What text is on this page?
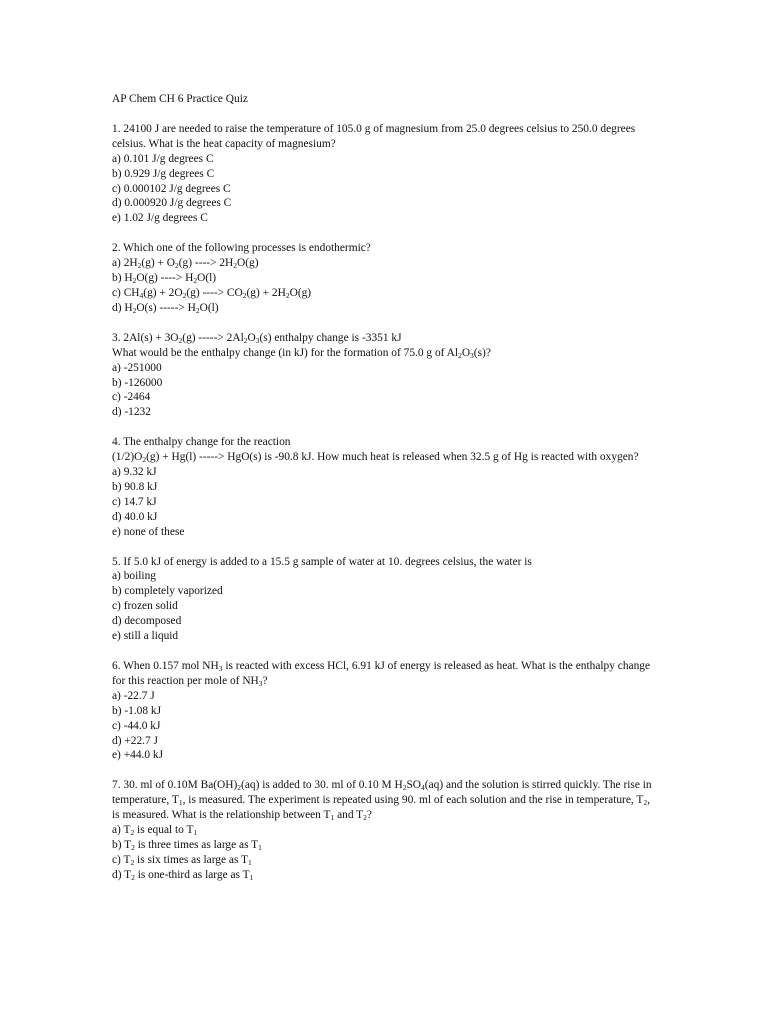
AP Chem CH 6 Practice Quiz
1. 24100 J are needed to raise the temperature of 105.0 g of magnesium from 25.0 degrees celsius to 250.0 degrees celsius. What is the heat capacity of magnesium?
a) 0.101 J/g degrees C
b) 0.929 J/g degrees C
c) 0.000102 J/g degrees C
d) 0.000920 J/g degrees C
e) 1.02 J/g degrees C
2. Which one of the following processes is endothermic?
a) $2H_2(g) + O_2(g)$ ----> $2H_2O(g)$
b) $H_2O(g)$ ----> $H_2O(l)$
c) $CH_4(g) + 2O_2(g)$ ----> $CO_2(g) + 2H_2O(g)$
d) $H_2O(s)$ -----> $H_2O(l)$
3. $2Al(s) + 3O_2(g)$ -----> $2Al_2O_3(s)$ enthalpy change is -3351 kJ
What would be the enthalpy change (in kJ) for the formation of 75.0 g of $Al_2O_3(s)$?
a) -251000
b) -126000
c) -2464
d) -1232
4. The enthalpy change for the reaction
$(1/2)O_2(g) + Hg(l)$ -----> HgO(s) is -90.8 kJ. How much heat is released when 32.5 g of Hg is reacted with oxygen?
a) 9.32 kJ
b) 90.8 kJ
c) 14.7 kJ
d) 40.0 kJ
e) none of these
5. If 5.0 kJ of energy is added to a 15.5 g sample of water at 10. degrees celsius, the water is
a) boiling
b) completely vaporized
c) frozen solid
d) decomposed
e) still a liquid
6. When 0.157 mol $NH_3$ is reacted with excess HCl, 6.91 kJ of energy is released as heat. What is the enthalpy change for this reaction per mole of $NH_3$?
a) -22.7 J
b) -1.08 kJ
c) -44.0 kJ
d) +22.7 J
e) +44.0 kJ
7. 30. ml of 0.10M $Ba(OH)_2(aq)$ is added to 30. ml of 0.10 M $H_2SO_4(aq)$ and the solution is stirred quickly. The rise in temperature, $T_1$, is measured. The experiment is repeated using 90. ml of each solution and the rise in temperature, $T_2$, is measured. What is the relationship between $T_1$ and $T_2$?
a) $T_2$ is equal to $T_1$
b) $T_2$ is three times as large as $T_1$
c) $T_2$ is six times as large as $T_1$
d) $T_2$ is one-third as large as $T_1$
